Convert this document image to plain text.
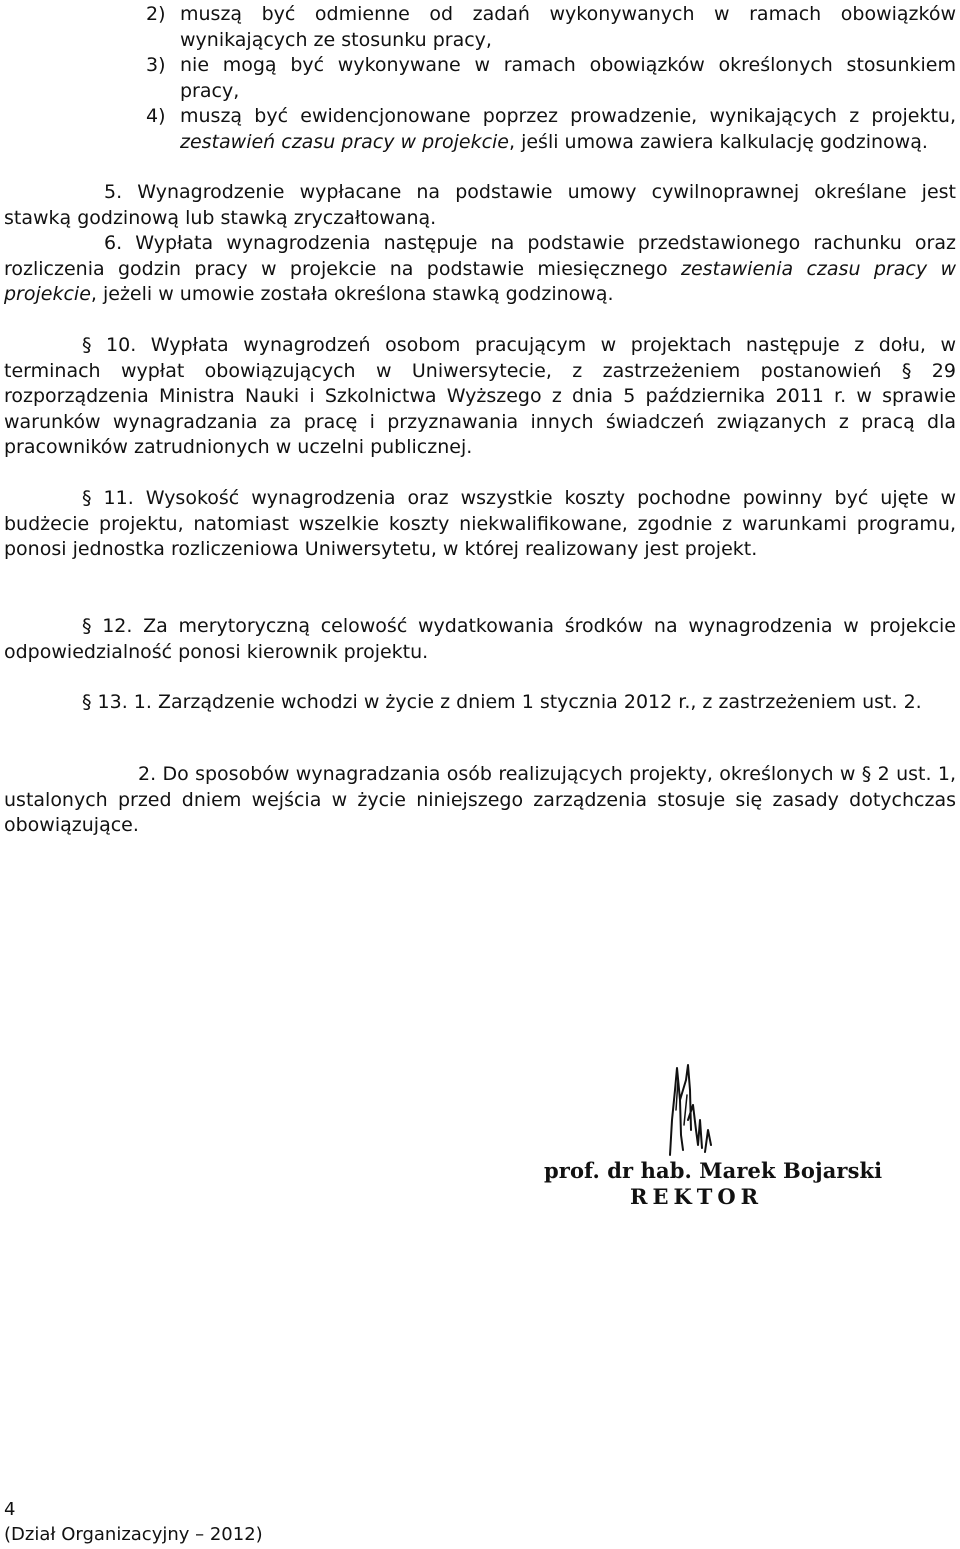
2) muszą być odmienne od zadań wykonywanych w ramach obowiązków wynikających ze stosunku pracy,
3) nie mogą być wykonywane w ramach obowiązków określonych stosunkiem pracy,
4) muszą być ewidencjonowane poprzez prowadzenie, wynikających z projektu, zestawień czasu pracy w projekcie, jeśli umowa zawiera kalkulację godzinową.

5. Wynagrodzenie wypłacane na podstawie umowy cywilnoprawnej określane jest stawką godzinową lub stawką zryczałtowaną.

6. Wypłata wynagrodzenia następuje na podstawie przedstawionego rachunku oraz rozliczenia godzin pracy w projekcie na podstawie miesięcznego zestawienia czasu pracy w projekcie, jeżeli w umowie została określona stawką godzinową.

§ 10. Wypłata wynagrodzeń osobom pracującym w projektach następuje z dołu, w terminach wypłat obowiązujących w Uniwersytecie, z zastrzeżeniem postanowień § 29 rozporządzenia Ministra Nauki i Szkolnictwa Wyższego z dnia 5 października 2011 r. w sprawie warunków wynagradzania za pracę i przyznawania innych świadczeń związanych z pracą dla pracowników zatrudnionych w uczelni publicznej.

§ 11. Wysokość wynagrodzenia oraz wszystkie koszty pochodne powinny być ujęte w budżecie projektu, natomiast wszelkie koszty niekwalifikowane, zgodnie z warunkami programu, ponosi jednostka rozliczeniowa Uniwersytetu, w której realizowany jest projekt.

§ 12. Za merytoryczną celowość wydatkowania środków na wynagrodzenia w projekcie odpowiedzialność ponosi kierownik projektu.

§ 13. 1. Zarządzenie wchodzi w życie z dniem 1 stycznia 2012 r., z zastrzeżeniem ust. 2.

2. Do sposobów wynagradzania osób realizujących projekty, określonych w § 2 ust. 1, ustalonych przed dniem wejścia w życie niniejszego zarządzenia stosuje się zasady dotychczas obowiązujące.

prof. dr hab. Marek Bojarski
REKTOR
4
(Dział Organizacyjny – 2012)
